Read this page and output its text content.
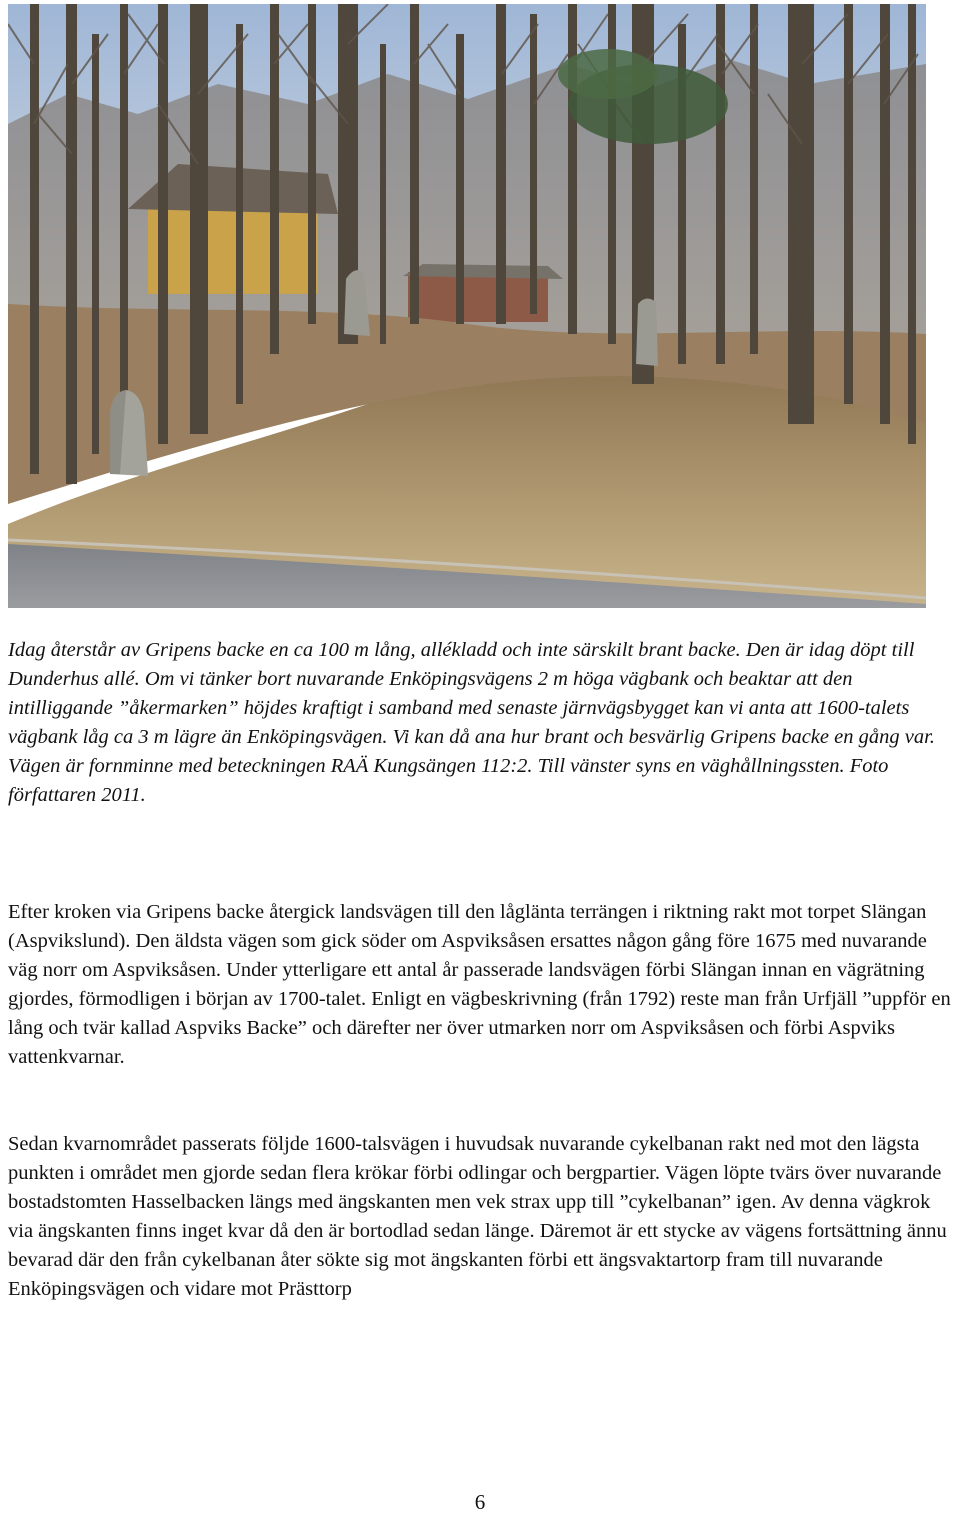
Idag återstår av Gripens backe en ca 100 m lång, allékladd och inte särskilt brant backe. Den är idag döpt till Dunderhus allé. Om vi tänker bort nuvarande Enköpingsvägens 2 m höga vägbank och beaktar att den intilliggande ”åkermarken” höjdes kraftigt i samband med senaste järnvägsbygget kan vi anta att 1600-talets vägbank låg ca 3 m lägre än Enköpingsvägen. Vi kan då ana hur brant och besvärlig Gripens backe en gång var. Vägen är fornminne med beteckningen RAÄ Kungsängen 112:2. Till vänster syns en väghållningssten. Foto författaren 2011.

Efter kroken via Gripens backe återgick landsvägen till den låglänta terrängen i riktning rakt mot torpet Slängan (Aspvikslund). Den äldsta vägen som gick söder om Aspviksåsen ersattes någon gång före 1675 med nuvarande väg norr om Aspviksåsen. Under ytterligare ett antal år passerade landsvägen förbi Slängan innan en vägrätning gjordes, förmodligen i början av 1700-talet. Enligt en vägbeskrivning (från 1792) reste man från Urfjäll ”uppför en lång och tvär kallad Aspviks Backe” och därefter ner över utmarken norr om Aspviksåsen och förbi Aspviks vattenkvarnar.

Sedan kvarnområdet passerats följde 1600-talsvägen i huvudsak nuvarande cykelbanan rakt ned mot den lägsta punkten i området men gjorde sedan flera krökar förbi odlingar och bergpartier. Vägen löpte tvärs över nuvarande bostadstomten Hasselbacken längs med ängskanten men vek strax upp till ”cykelbanan” igen. Av denna vägkrok via ängskanten finns inget kvar då den är bortodlad sedan länge. Däremot är ett stycke av vägens fortsättning ännu bevarad där den från cykelbanan åter sökte sig mot ängskanten förbi ett ängsvaktartorp fram till nuvarande Enköpingsvägen och vidare mot Prästtorp

6
